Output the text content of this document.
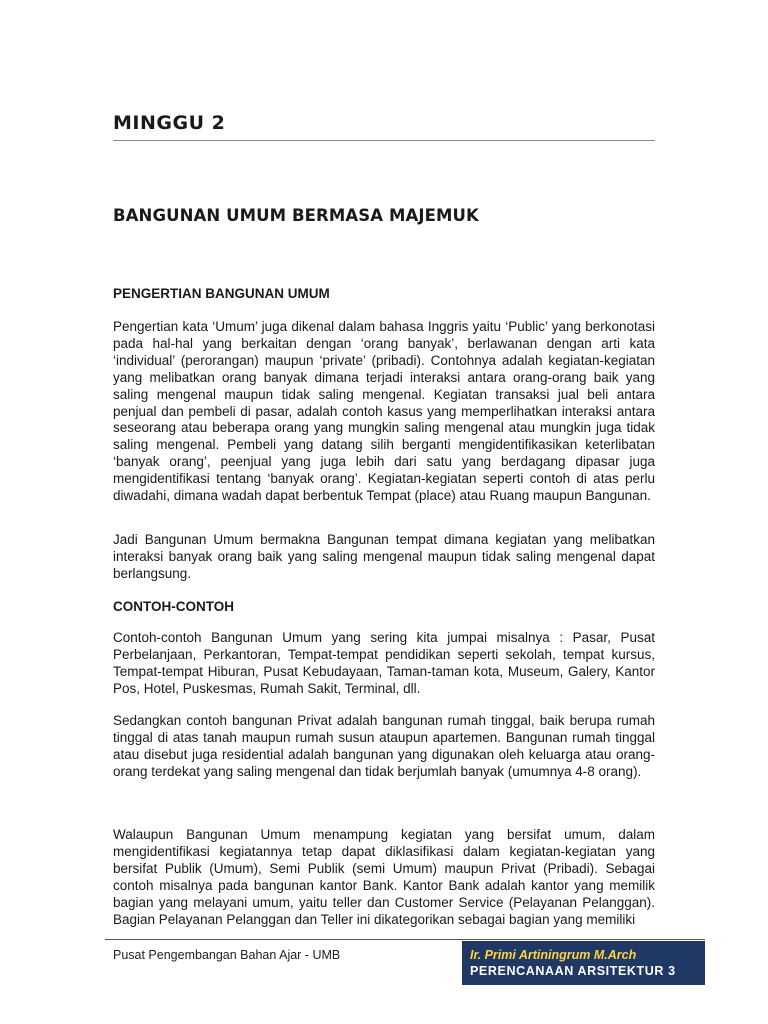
MINGGU 2
BANGUNAN UMUM BERMASA MAJEMUK
PENGERTIAN BANGUNAN UMUM

Pengertian kata ‘Umum’ juga dikenal dalam bahasa Inggris yaitu ‘Public’ yang berkonotasi pada hal-hal yang berkaitan dengan ‘orang banyak’, berlawanan dengan arti kata ‘individual’ (perorangan) maupun ‘private’ (pribadi). Contohnya adalah kegiatan-kegiatan yang melibatkan orang banyak dimana terjadi interaksi antara orang-orang baik yang saling mengenal maupun tidak saling mengenal. Kegiatan transaksi jual beli antara penjual dan pembeli di pasar, adalah contoh kasus yang memperlihatkan interaksi antara seseorang atau beberapa orang yang mungkin saling mengenal atau mungkin juga tidak saling mengenal. Pembeli yang datang silih berganti mengidentifikasikan keterlibatan ‘banyak orang’, peenjual yang juga lebih dari satu yang berdagang dipasar juga mengidentifikasi tentang ‘banyak orang’. Kegiatan-kegiatan seperti contoh di atas perlu diwadahi, dimana wadah dapat berbentuk Tempat (place) atau Ruang maupun Bangunan.

Jadi Bangunan Umum bermakna Bangunan tempat dimana kegiatan yang melibatkan interaksi banyak orang baik yang saling mengenal maupun tidak saling mengenal dapat berlangsung.

CONTOH-CONTOH

Contoh-contoh Bangunan Umum yang sering kita jumpai misalnya : Pasar, Pusat Perbelanjaan, Perkantoran, Tempat-tempat pendidikan seperti sekolah, tempat kursus, Tempat-tempat Hiburan, Pusat Kebudayaan, Taman-taman kota, Museum, Galery, Kantor Pos, Hotel, Puskesmas, Rumah Sakit, Terminal, dll.

Sedangkan contoh bangunan Privat adalah bangunan rumah tinggal, baik berupa rumah tinggal di atas tanah maupun rumah susun ataupun apartemen. Bangunan rumah tinggal atau disebut juga residential adalah bangunan yang digunakan oleh keluarga atau orang-orang terdekat yang saling mengenal dan tidak berjumlah banyak (umumnya 4-8 orang).

Walaupun Bangunan Umum menampung kegiatan yang bersifat umum, dalam mengidentifikasi kegiatannya tetap dapat diklasifikasi dalam kegiatan-kegiatan yang bersifat Publik (Umum), Semi Publik (semi Umum) maupun Privat (Pribadi). Sebagai contoh misalnya pada bangunan kantor Bank. Kantor Bank adalah kantor yang memilik bagian yang melayani umum, yaitu teller dan Customer Service (Pelayanan Pelanggan). Bagian Pelayanan Pelanggan dan Teller ini dikategorikan sebagai bagian yang memiliki

Pusat Pengembangan Bahan Ajar - UMB	Ir. Primi Artiningrum M.Arch
PERENCANAAN ARSITEKTUR 3
